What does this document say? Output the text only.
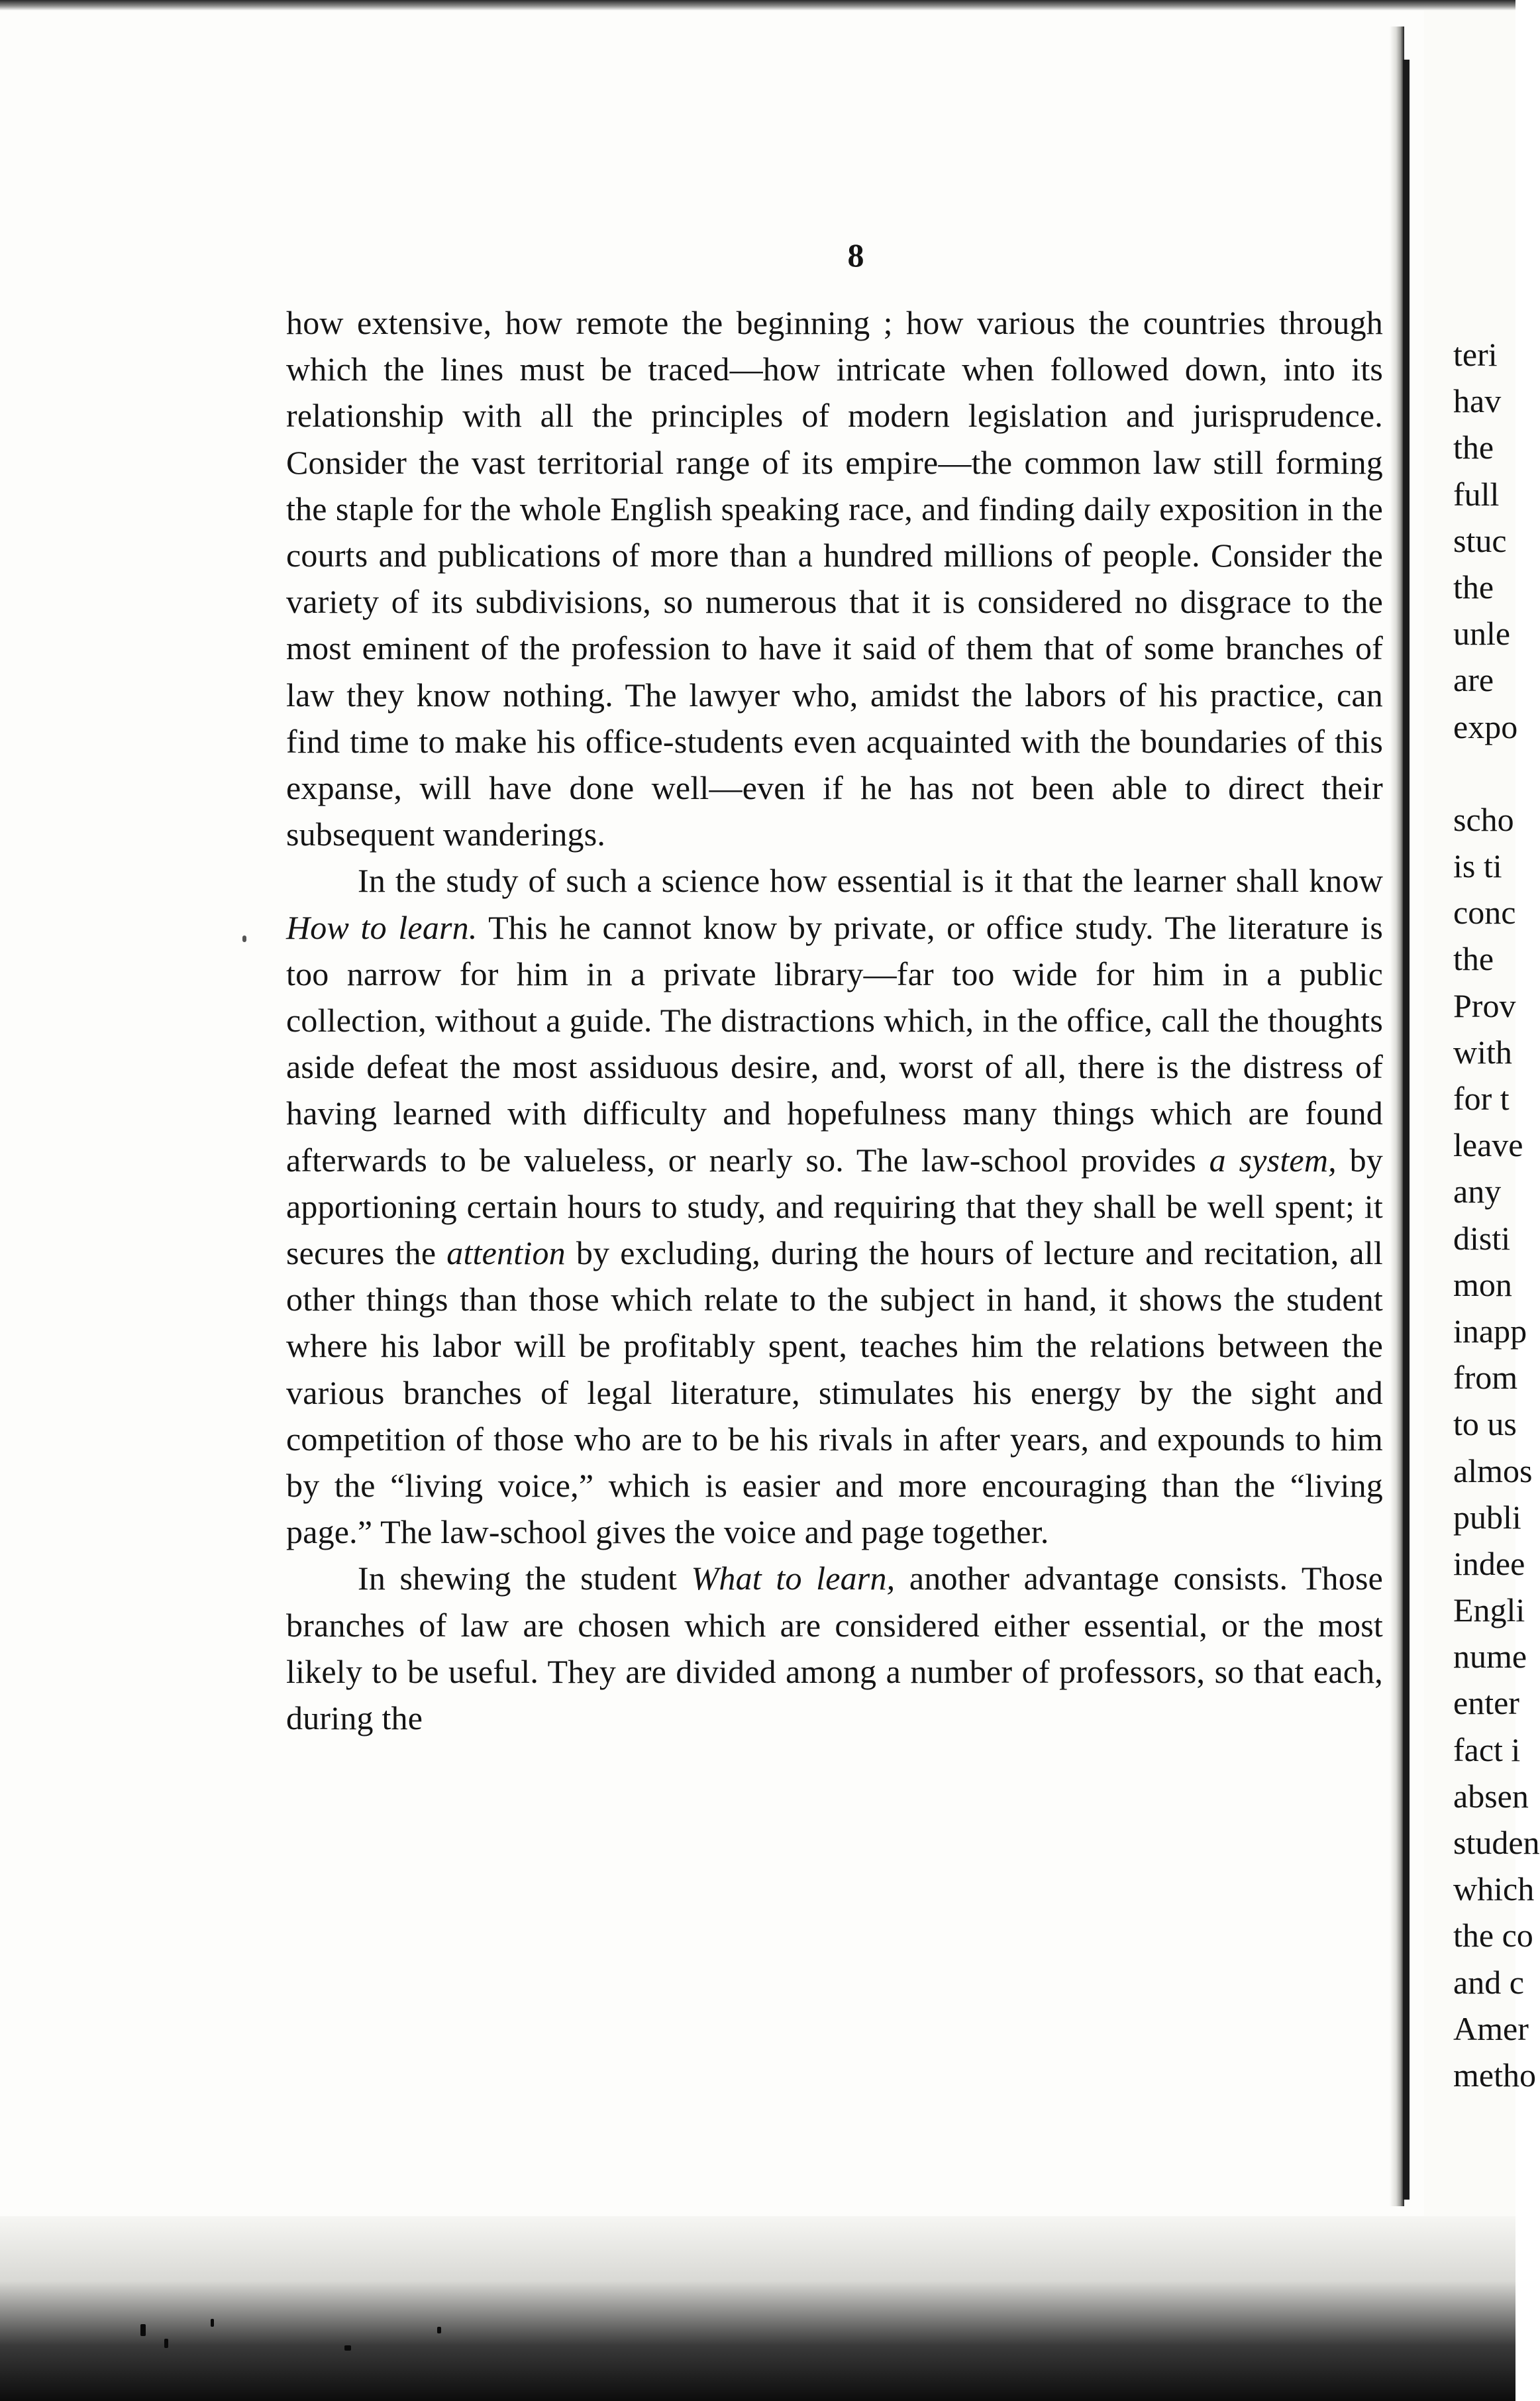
8

how extensive, how remote the beginning ; how various the countries through which the lines must be traced—how intricate when followed down, into its relationship with all the principles of modern legislation and jurisprudence. Consider the vast territorial range of its empire—the common law still forming the staple for the whole English speaking race, and finding daily exposition in the courts and publications of more than a hundred millions of people. Consider the variety of its subdivisions, so numerous that it is considered no disgrace to the most eminent of the profession to have it said of them that of some branches of law they know nothing. The lawyer who, amidst the labors of his practice, can find time to make his office-students even acquainted with the boundaries of this expanse, will have done well—even if he has not been able to direct their subsequent wanderings.

In the study of such a science how essential is it that the learner shall know How to learn. This he cannot know by private, or office study. The literature is too narrow for him in a private library—far too wide for him in a public collection, without a guide. The distractions which, in the office, call the thoughts aside defeat the most assiduous desire, and, worst of all, there is the distress of having learned with difficulty and hopefulness many things which are found afterwards to be valueless, or nearly so. The law-school provides a system, by apportioning certain hours to study, and requiring that they shall be well spent; it secures the attention by excluding, during the hours of lecture and recitation, all other things than those which relate to the subject in hand, it shows the student where his labor will be profitably spent, teaches him the relations between the various branches of legal literature, stimulates his energy by the sight and competition of those who are to be his rivals in after years, and expounds to him by the “living voice,” which is easier and more encouraging than the “living page.” The law-school gives the voice and page together.

In shewing the student What to learn, another advantage consists. Those branches of law are chosen which are considered either essential, or the most likely to be useful. They are divided among a number of professors, so that each, during the

teri
hav
the
full
stuc
the
unle
are
expo
scho
is ti
conc
the
Prov
with
for t
leave
any
disti
mon
inapp
from
to us
almos
publi
indee
Engli
nume
enter
fact i
absen
studen
which
the co
and c
Amer
metho
